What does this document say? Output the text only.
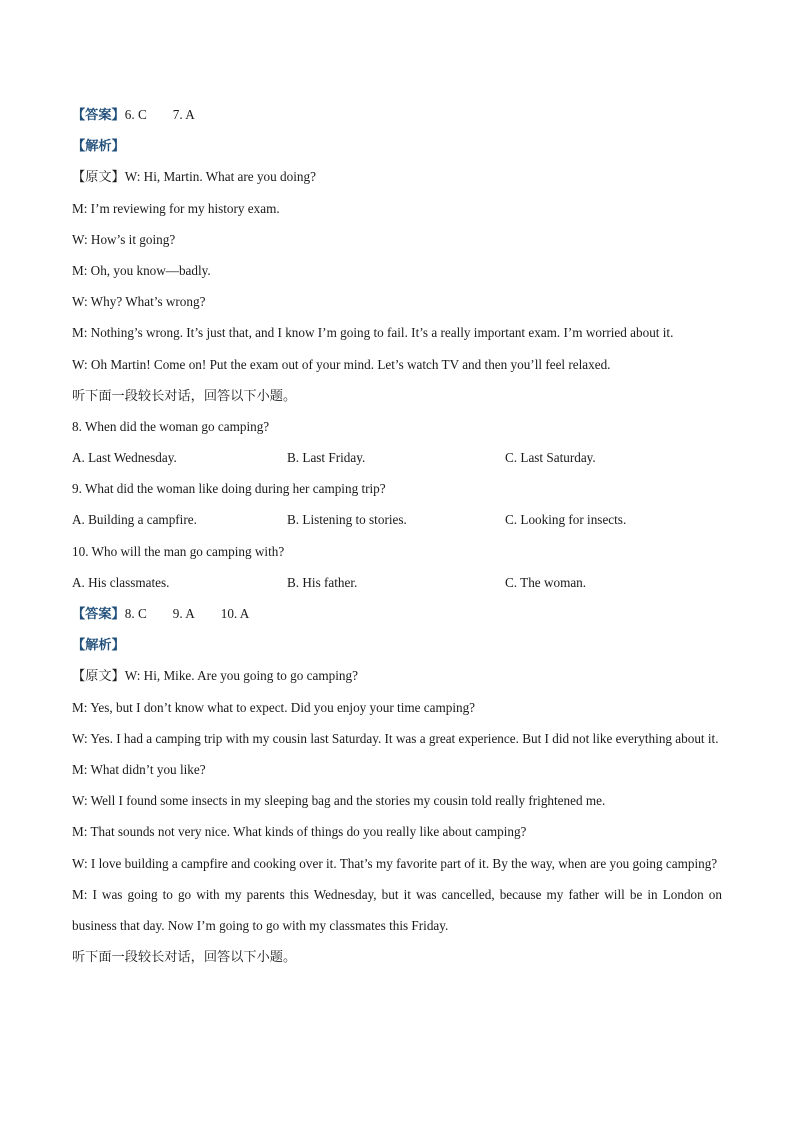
【答案】6. C 7. A
【解析】
【原文】W: Hi, Martin. What are you doing?
M: I’m reviewing for my history exam.
W: How’s it going?
M: Oh, you know—badly.
W: Why? What’s wrong?
M: Nothing’s wrong. It’s just that, and I know I’m going to fail. It’s a really important exam. I’m worried about it.
W: Oh Martin! Come on! Put the exam out of your mind. Let’s watch TV and then you’ll feel relaxed.
听下面一段较长对话，回答以下小题。
8. When did the woman go camping?
A. Last Wednesday.	B. Last Friday.	C. Last Saturday.
9. What did the woman like doing during her camping trip?
A. Building a campfire.	B. Listening to stories.	C. Looking for insects.
10. Who will the man go camping with?
A. His classmates.	B. His father.	C. The woman.
【答案】8. C 9. A 10. A
【解析】
【原文】W: Hi, Mike. Are you going to go camping?
M: Yes, but I don’t know what to expect. Did you enjoy your time camping?
W: Yes. I had a camping trip with my cousin last Saturday. It was a great experience. But I did not like everything about it.
M: What didn’t you like?
W: Well I found some insects in my sleeping bag and the stories my cousin told really frightened me.
M: That sounds not very nice. What kinds of things do you really like about camping?
W: I love building a campfire and cooking over it. That’s my favorite part of it. By the way, when are you going camping?
M: I was going to go with my parents this Wednesday, but it was cancelled, because my father will be in London on business that day. Now I’m going to go with my classmates this Friday.
听下面一段较长对话，回答以下小题。
